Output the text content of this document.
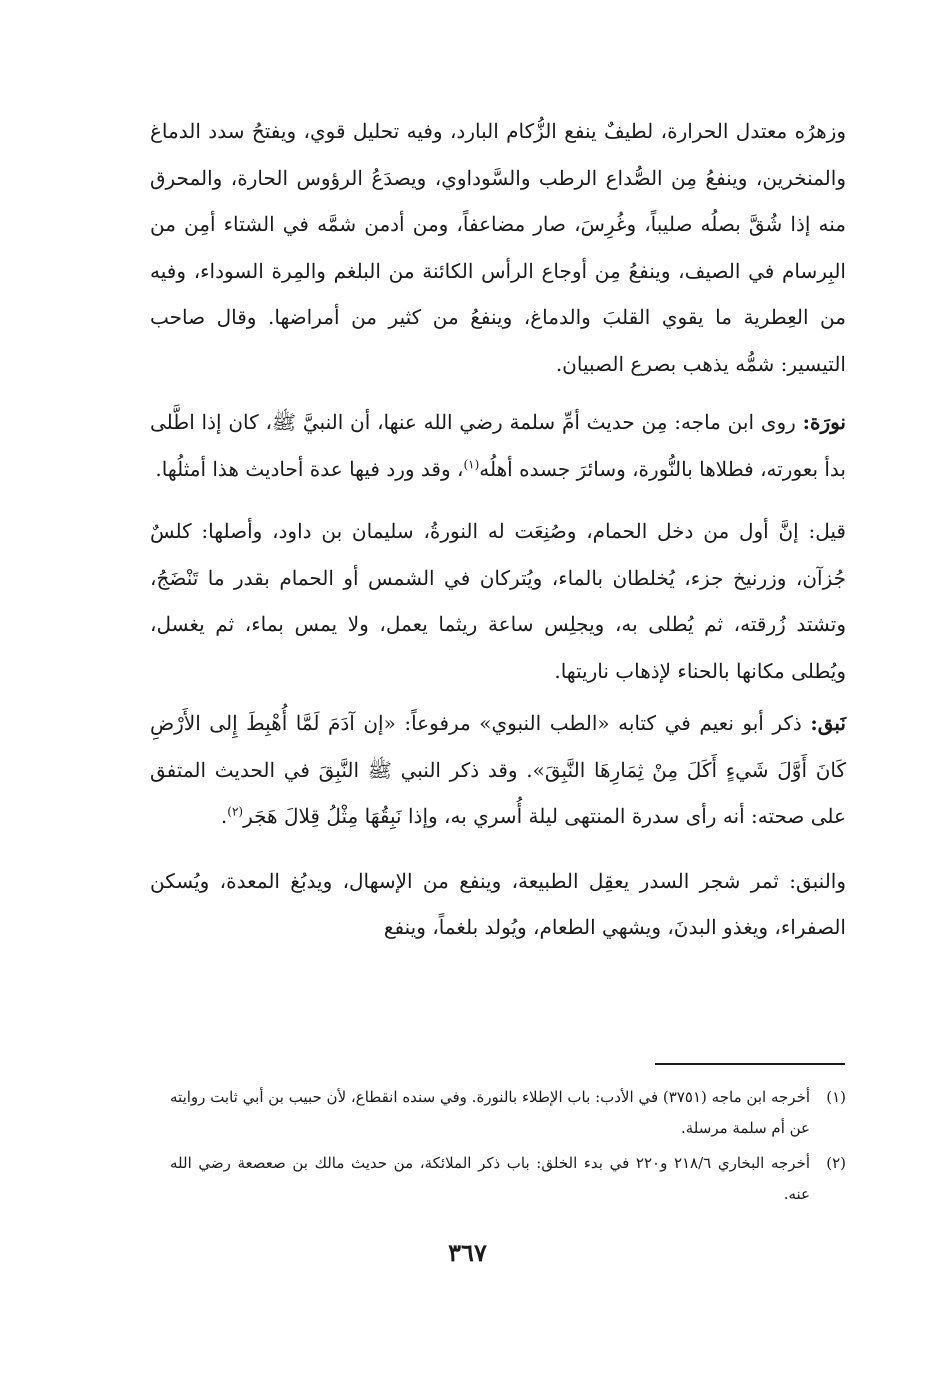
وزهرُه معتدل الحرارة، لطيفٌ ينفع الزُّكام البارد، وفيه تحليل قوي، ويفتحُ سدد الدماغ والمنخرين، وينفعُ مِن الصُّداع الرطب والسَّوداوي، ويصدَعُ الرؤوس الحارة، والمحرق منه إذا شُقَّ بصلُه صليباً، وغُرِسَ، صار مضاعفاً، ومن أدمن شمَّه في الشتاء أمِن من البِرسام في الصيف، وينفعُ مِن أوجاع الرأس الكائنة من البلغم والمِرة السوداء، وفيه من العِطرية ما يقوي القلبَ والدماغ، وينفعُ من كثير من أمراضها. وقال صاحب التيسير: شمُّه يذهب بصرع الصبيان.

نورَة: روى ابن ماجه: مِن حديث أمِّ سلمة رضي الله عنها، أن النبيَّ ﷺ، كان إذا اطَّلى بدأ بعورته، فطلاها بالنُّورة، وسائرَ جسده أهلُه$^{(١)}$، وقد ورد فيها عدة أحاديث هذا أمثلُها.

قيل: إنَّ أول من دخل الحمام، وصُنِعَت له النورةُ، سليمان بن داود، وأصلها: كلسٌ جُزآن، وزرنيخ جزء، يُخلطان بالماء، ويُتركان في الشمس أو الحمام بقدر ما تَنْضَجُ، وتشتد زُرقته، ثم يُطلى به، ويجلِس ساعة ريثما يعمل، ولا يمس بماء، ثم يغسل، ويُطلى مكانها بالحناء لإذهاب ناريتها.

نَبق: ذكر أبو نعيم في كتابه «الطب النبوي» مرفوعاً: «إن آدَمَ لَمَّا أُهْبِطَ إِلى الأَرْضِ كَانَ أَوَّلَ شَيءٍ أَكَلَ مِنْ ثِمَارِهَا النَّبِقَ». وقد ذكر النبي ﷺ النَّبِقَ في الحديث المتفق على صحته: أنه رأى سدرة المنتهى ليلة أُسري به، وإذا نَبِقُهَا مِثْلُ قِلالَ هَجَر$^{(٢)}$.

والنبق: ثمر شجر السدر يعقِل الطبيعة، وينفع من الإسهال، ويدبُغ المعدة، ويُسكن الصفراء، ويغذو البدنَ، ويشهي الطعام، ويُولد بلغماً، وينفع

(١)
أخرجه ابن ماجه (٣٧٥١) في الأدب: باب الإطلاء بالنورة. وفي سنده انقطاع، لأن حبيب بن أبي ثابت روايته عن أم سلمة مرسلة.
(٢)
أخرجه البخاري ٢١٨/٦ و٢٢٠ في بدء الخلق: باب ذكر الملائكة، من حديث مالك بن صعصعة رضي الله عنه.
٣٦٧
